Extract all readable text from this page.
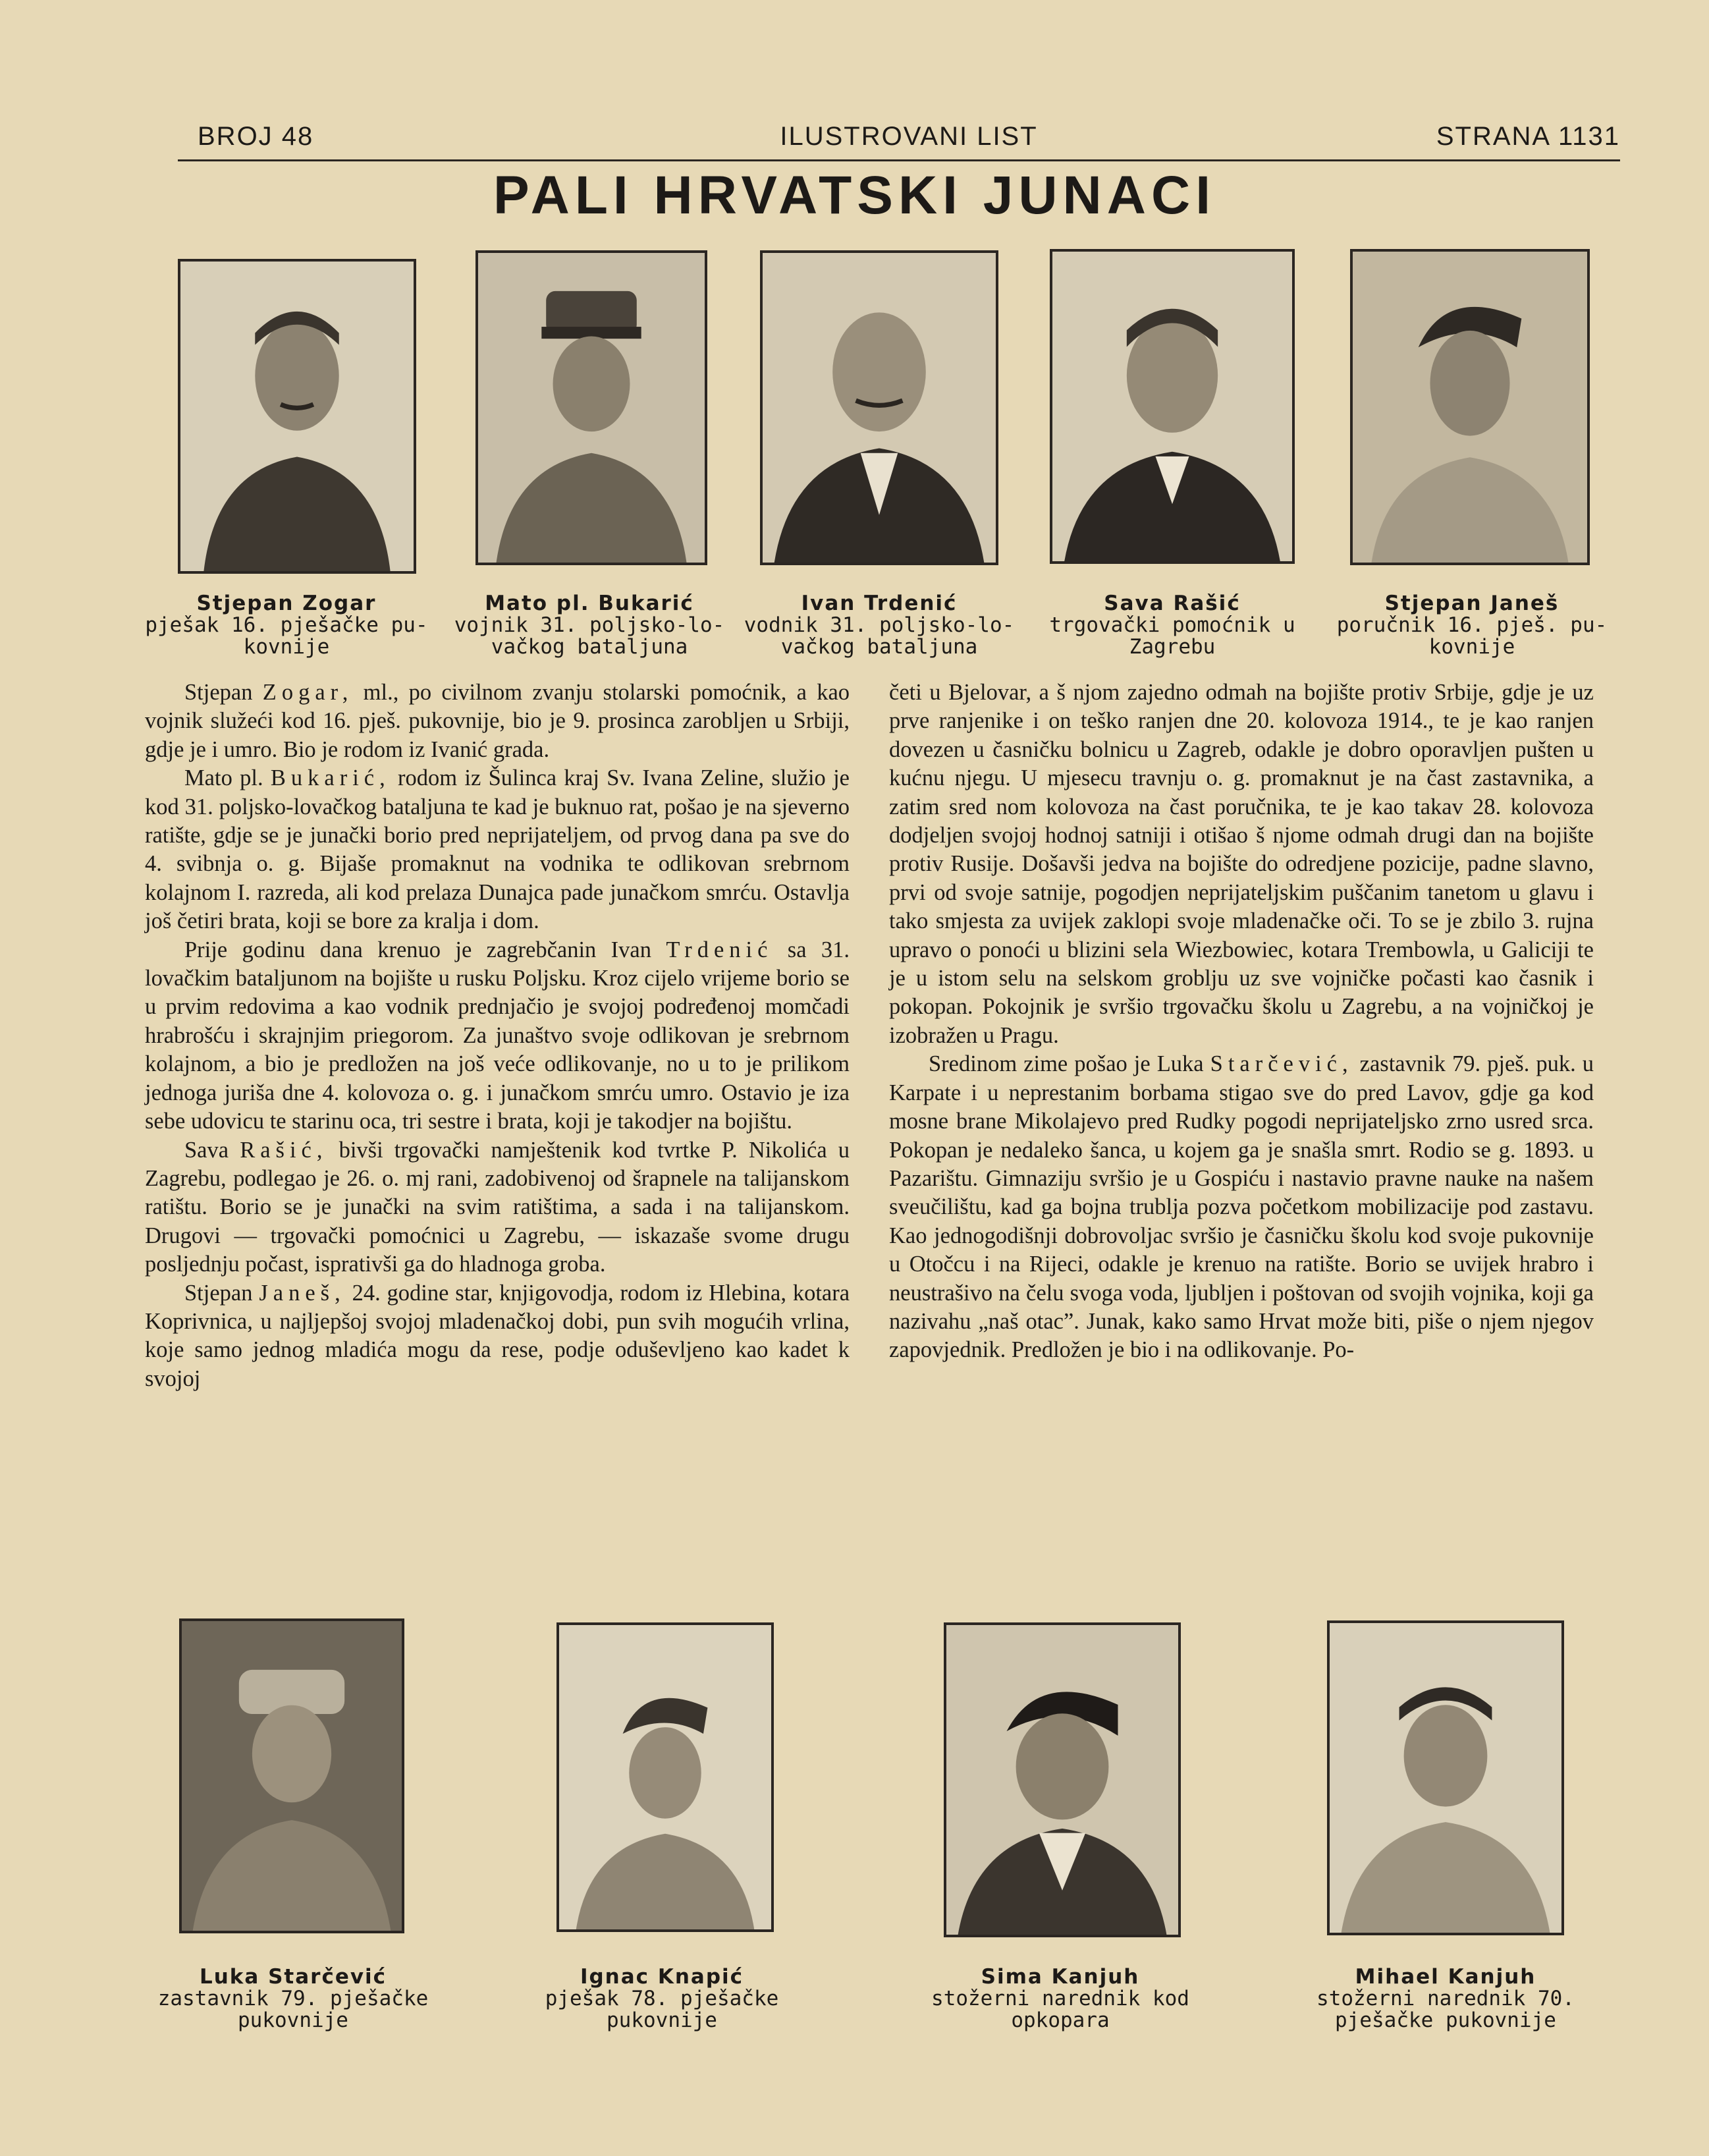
BROJ 48	ILUSTROVANI LIST	STRANA 1131
PALI HRVATSKI JUNACI
Stjepan Zogar
pješak 16. pješačke pu-
kovnije
Mato pl. Bukarić
vojnik 31. poljsko-lo-
vačkog bataljuna
Ivan Trdenić
vodnik 31. poljsko-lo-
vačkog bataljuna
Sava Rašić
trgovački pomoćnik u
Zagrebu
Stjepan Janeš
poručnik 16. pješ. pu-
kovnije

Stjepan Zogar, ml., po civilnom zvanju stolarski pomoćnik, a kao vojnik služeći kod 16. pješ. pukovnije, bio je 9. prosinca zarobljen u Srbiji, gdje je i umro. Bio je rodom iz Ivanić grada.

Mato pl. Bukarić, rodom iz Šulinca kraj Sv. Ivana Zeline, služio je kod 31. poljsko-lovačkog bataljuna te kad je buknuo rat, pošao je na sjeverno ratište, gdje se je junački borio pred neprijateljem, od prvog dana pa sve do 4. svibnja o. g. Bijaše promaknut na vodnika te odlikovan srebrnom kolajnom I. razreda, ali kod prelaza Dunajca pade junačkom smrću. Ostavlja još četiri brata, koji se bore za kralja i dom.

Prije godinu dana krenuo je zagrebčanin Ivan Trdenić sa 31. lovačkim bataljunom na bojište u rusku Poljsku. Kroz cijelo vrijeme borio se u prvim redovima a kao vodnik prednjačio je svojoj podređenoj momčadi hrabrošću i skrajnjim priegorom. Za junaštvo svoje odlikovan je srebrnom kolajnom, a bio je predložen na još veće odlikovanje, no u to je prilikom jednoga juriša dne 4. kolovoza o. g. i junačkom smrću umro. Ostavio je iza sebe udovicu te starinu oca, tri sestre i brata, koji je takodjer na bojištu.

Sava Rašić, bivši trgovački namještenik kod tvrtke P. Nikolića u Zagrebu, podlegao je 26. o. mj rani, zadobivenoj od šrapnele na talijanskom ratištu. Borio se je junački na svim ratištima, a sada i na talijanskom. Drugovi — trgovački pomoćnici u Zagrebu, — iskazaše svome drugu posljednju počast, isprativši ga do hladnoga groba.

Stjepan Janeš, 24. godine star, knjigovodja, rodom iz Hlebina, kotara Koprivnica, u najljepšoj svojoj mladenačkoj dobi, pun svih mogućih vrlina, koje samo jednog mladića mogu da rese, podje oduševljeno kao kadet k svojoj

četi u Bjelovar, a š njom zajedno odmah na bojište protiv Srbije, gdje je uz prve ranjenike i on teško ranjen dne 20. kolovoza 1914., te je kao ranjen dovezen u časničku bolnicu u Zagreb, odakle je dobro oporavljen pušten u kućnu njegu. U mjesecu travnju o. g. promaknut je na čast zastavnika, a zatim sred nom kolovoza na čast poručnika, te je kao takav 28. kolovoza dodjeljen svojoj hodnoj satniji i otišao š njome odmah drugi dan na bojište protiv Rusije. Došavši jedva na bojište do odredjene pozicije, padne slavno, prvi od svoje satnije, pogodjen neprijateljskim puščanim tanetom u glavu i tako smjesta za uvijek zaklopi svoje mladenačke oči. To se je zbilo 3. rujna upravo o ponoći u blizini sela Wiezbowiec, kotara Trembowla, u Galiciji te je u istom selu na selskom groblju uz sve vojničke počasti kao časnik i pokopan. Pokojnik je svršio trgovačku školu u Zagrebu, a na vojničkoj je izobražen u Pragu.

Sredinom zime pošao je Luka Starčević, zastavnik 79. pješ. puk. u Karpate i u neprestanim borbama stigao sve do pred Lavov, gdje ga kod mosne brane Mikolajevo pred Rudky pogodi neprijateljsko zrno usred srca. Pokopan je nedaleko šanca, u kojem ga je snašla smrt. Rodio se g. 1893. u Pazarištu. Gimnaziju svršio je u Gospiću i nastavio pravne nauke na našem sveučilištu, kad ga bojna trublja pozva početkom mobilizacije pod zastavu. Kao jednogodišnji dobrovoljac svršio je časničku školu kod svoje pukovnije u Otočcu i na Rijeci, odakle je krenuo na ratište. Borio se uvijek hrabro i neustrašivo na čelu svoga voda, ljubljen i poštovan od svojih vojnika, koji ga nazivahu „naš otac”. Junak, kako samo Hrvat može biti, piše o njem njegov zapovjednik. Predložen je bio i na odlikovanje. Po-

Luka Starčević
zastavnik 79. pješačke
pukovnije
Ignac Knapić
pješak 78. pješačke
pukovnije
Sima Kanjuh
stožerni narednik kod
opkopara
Mihael Kanjuh
stožerni narednik 70.
pješačke pukovnije
